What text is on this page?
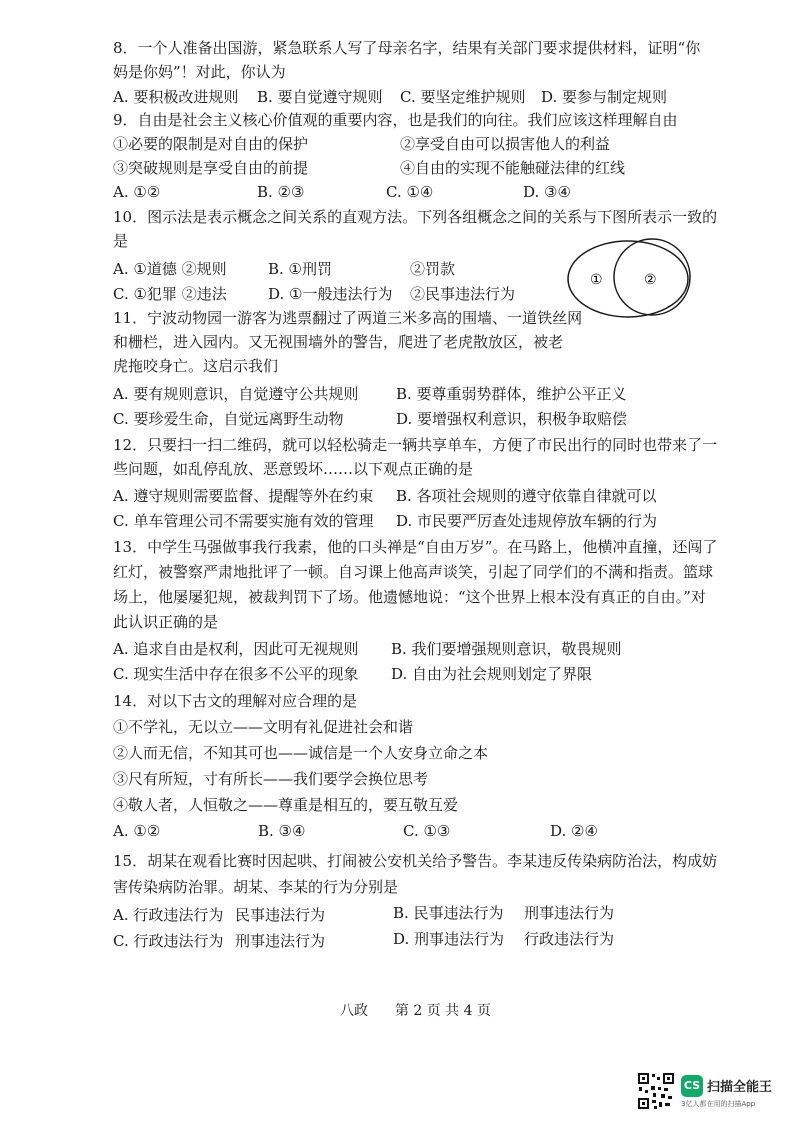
8．一个人准备出国游，紧急联系人写了母亲名字，结果有关部门要求提供材料，证明“你
妈是你妈”！对此，你认为
A. 要积极改进规则 B. 要自觉遵守规则 C. 要坚定维护规则 D. 要参与制定规则
9．自由是社会主义核心价值观的重要内容，也是我们的向往。我们应该这样理解自由
①必要的限制是对自由的保护	②享受自由可以损害他人的利益
③突破规则是享受自由的前提	④自由的实现不能触碰法律的红线
A. ①②	B. ②③	C. ①④	D. ③④
10．图示法是表示概念之间关系的直观方法。下列各组概念之间的关系与下图所表示一致的
是
A. ①道德 ②规则	B. ①刑罚	②罚款
C. ①犯罪 ②违法	D. ①一般违法行为 ②民事违法行为
①	②
11．宁波动物园一游客为逃票翻过了两道三米多高的围墙、一道铁丝网
和栅栏，进入园内。又无视围墙外的警告，爬进了老虎散放区，被老
虎拖咬身亡。这启示我们
A. 要有规则意识，自觉遵守公共规则	B. 要尊重弱势群体，维护公平正义
C. 要珍爱生命，自觉远离野生动物	D. 要增强权利意识，积极争取赔偿
12．只要扫一扫二维码，就可以轻松骑走一辆共享单车，方便了市民出行的同时也带来了一
些问题，如乱停乱放、恶意毁坏……以下观点正确的是
A. 遵守规则需要监督、提醒等外在约束 B. 各项社会规则的遵守依靠自律就可以
C. 单车管理公司不需要实施有效的管理 D. 市民要严厉查处违规停放车辆的行为
13．中学生马强做事我行我素，他的口头禅是“自由万岁”。在马路上，他横冲直撞，还闯了
红灯，被警察严肃地批评了一顿。自习课上他高声谈笑，引起了同学们的不满和指责。篮球
场上，他屡屡犯规，被裁判罚下了场。他遗憾地说：“这个世界上根本没有真正的自由。”对
此认识正确的是
A. 追求自由是权利，因此可无视规则 B. 我们要增强规则意识，敬畏规则
C. 现实生活中存在很多不公平的现象 D. 自由为社会规则划定了界限
14．对以下古文的理解对应合理的是
①不学礼，无以立——文明有礼促进社会和谐
②人而无信，不知其可也——诚信是一个人安身立命之本
③尺有所短，寸有所长——我们要学会换位思考
④敬人者，人恒敬之——尊重是相互的，要互敬互爱
A. ①②	B. ③④	C. ①③	D. ②④
15．胡某在观看比赛时因起哄、打闹被公安机关给予警告。李某违反传染病防治法，构成妨
害传染病防治罪。胡某、李某的行为分别是
A. 行政违法行为 民事违法行为	B. 民事违法行为 刑事违法行为
C. 行政违法行为 刑事违法行为	D. 刑事违法行为 行政违法行为
八政 第 2 页 共 4 页
CS 扫描全能王
3亿人都在用的扫描App
